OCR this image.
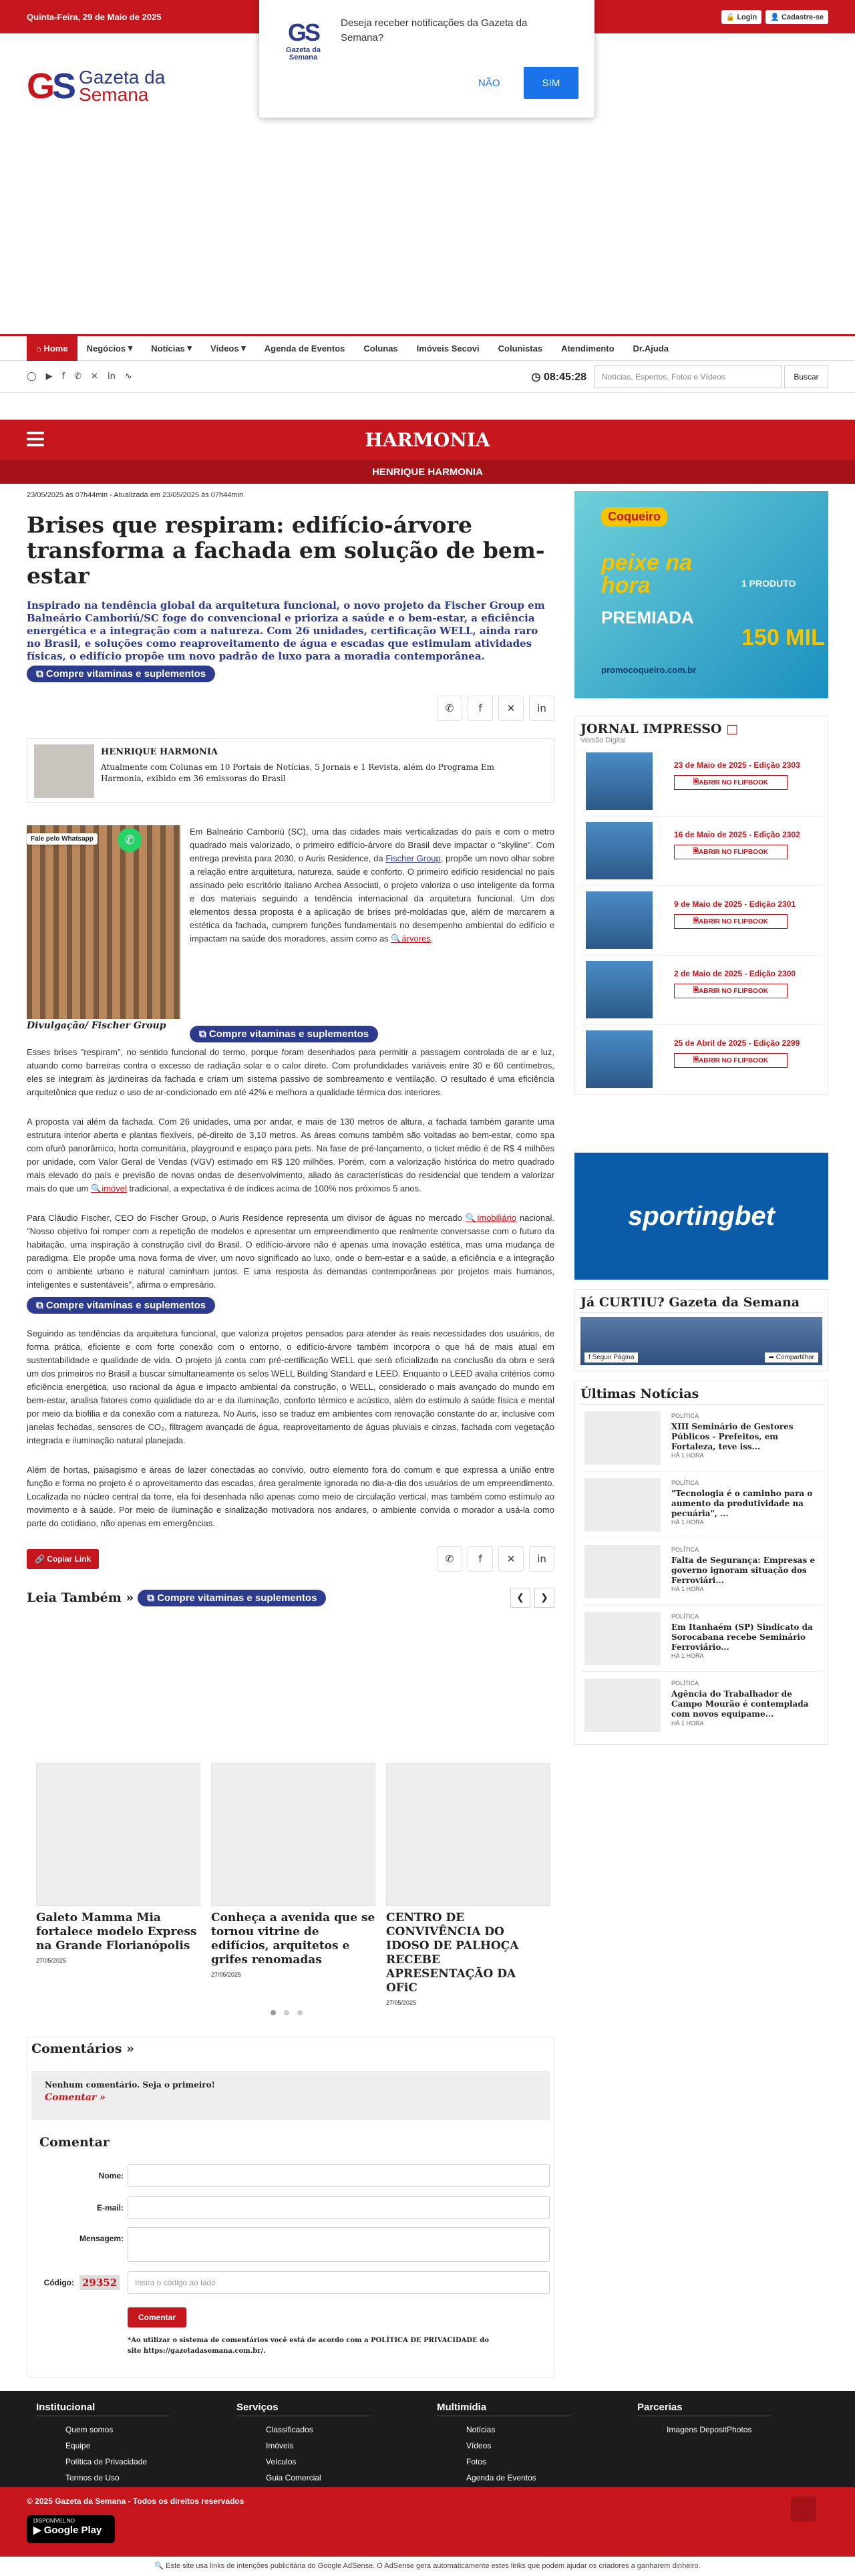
Quinta-Feira, 29 de Maio de 2025	🔒 Login	👤 Cadastre-se
GS Gazeta da
Semana
GS
Gazeta da Semana
Deseja receber notificações da Gazeta da Semana?
NÃO	SIM
⌂ Home Negócios ▾	Notícias ▾	Vídeos ▾	Agenda de Eventos	Colunas	Imóveis Secovi	Colunistas	Atendimento	Dr.Ajuda
◯ ▶ f ✆ ✕ in ∿	◷ 08:45:28	Notícias, Espertos, Fotos e Vídeos	Buscar
HARMONIA
HENRIQUE HARMONIA
23/05/2025 às 07h44min - Atualizada em 23/05/2025 às 07h44min
Brises que respiram: edifício-árvore transforma a fachada em solução de bem-estar
Inspirado na tendência global da arquitetura funcional, o novo projeto da Fischer Group em Balneário Camboriú/SC foge do convencional e prioriza a saúde e o bem-estar, a eficiência energética e a integração com a natureza. Com 26 unidades, certificação WELL, ainda raro no Brasil, e soluções como reaproveitamento de água e escadas que estimulam atividades físicas, o edifício propõe um novo padrão de luxo para a moradia contemporânea.
⧉ Compre vitaminas e suplementos
✆	f	✕	in
HENRIQUE HARMONIA
Atualmente com Colunas em 10 Portais de Notícias, 5 Jornais e 1 Revista, além do Programa Em Harmonia, exibido em 36 emissoras do Brasil
Fale pelo Whatsapp	✆
Divulgação/ Fischer Group

Em Balneário Camboriú (SC), uma das cidades mais verticalizadas do país e com o metro quadrado mais valorizado, o primeiro edifício-árvore do Brasil deve impactar o "skyline". Com entrega prevista para 2030, o Auris Residence, da Fischer Group, propõe um novo olhar sobre a relação entre arquitetura, natureza, saúde e conforto. O primeiro edifício residencial no país assinado pelo escritório italiano Archea Associati, o projeto valoriza o uso inteligente da forma e dos materiais seguindo a tendência internacional da arquitetura funcional. Um dos elementos dessa proposta é a aplicação de brises pré-moldadas que, além de marcarem a estética da fachada, cumprem funções fundamentais no desempenho ambiental do edifício e impactam na saúde dos moradores, assim como as 🔍árvores.

⧉ Compre vitaminas e suplementos

Esses brises "respiram", no sentido funcional do termo, porque foram desenhados para permitir a passagem controlada de ar e luz, atuando como barreiras contra o excesso de radiação solar e o calor direto. Com profundidades variáveis entre 30 e 60 centímetros, eles se integram às jardineiras da fachada e criam um sistema passivo de sombreamento e ventilação. O resultado é uma eficiência arquitetônica que reduz o uso de ar-condicionado em até 42% e melhora a qualidade térmica dos interiores.

A proposta vai além da fachada. Com 26 unidades, uma por andar, e mais de 130 metros de altura, a fachada também garante uma estrutura interior aberta e plantas flexíveis, pé-direito de 3,10 metros. As áreas comuns também são voltadas ao bem-estar, como spa com ofurô panorâmico, horta comunitária, playground e espaço para pets. Na fase de pré-lançamento, o ticket médio é de R$ 4 milhões por unidade, com Valor Geral de Vendas (VGV) estimado em R$ 120 milhões. Porém, com a valorização histórica do metro quadrado mais elevado do país e previsão de novas ondas de desenvolvimento, aliado às características do residencial que tendem a valorizar mais do que um 🔍imóvel tradicional, a expectativa é de índices acima de 100% nos próximos 5 anos.

Para Cláudio Fischer, CEO do Fischer Group, o Auris Residence representa um divisor de águas no mercado 🔍imobiliário nacional. "Nosso objetivo foi romper com a repetição de modelos e apresentar um empreendimento que realmente conversasse com o futuro da habitação, uma inspiração à construção civil do Brasil. O edifício-árvore não é apenas uma inovação estética, mas uma mudança de paradigma. Ele propõe uma nova forma de viver, um novo significado ao luxo, onde o bem-estar e a saúde, a eficiência e a integração com o ambiente urbano e natural caminham juntos. E uma resposta às demandas contemporâneas por projetos mais humanos, inteligentes e sustentáveis", afirma o empresário.

⧉ Compre vitaminas e suplementos

Seguindo as tendências da arquitetura funcional, que valoriza projetos pensados para atender às reais necessidades dos usuários, de forma prática, eficiente e com forte conexão com o entorno, o edifício-árvore também incorpora o que há de mais atual em sustentabilidade e qualidade de vida. O projeto já conta com pré-certificação WELL que será oficializada na conclusão da obra e será um dos primeiros no Brasil a buscar simultaneamente os selos WELL Building Standard e LEED. Enquanto o LEED avalia critérios como eficiência energética, uso racional da água e impacto ambiental da construção, o WELL, considerado o mais avançado do mundo em bem-estar, analisa fatores como qualidade do ar e da iluminação, conforto térmico e acústico, além do estímulo à saúde física e mental por meio da biofilia e da conexão com a natureza. No Auris, isso se traduz em ambientes com renovação constante do ar, inclusive com janelas fechadas, sensores de CO₂, filtragem avançada de água, reaproveitamento de águas pluviais e cinzas, fachada com vegetação integrada e iluminação natural planejada.

Além de hortas, paisagismo e áreas de lazer conectadas ao convívio, outro elemento fora do comum e que expressa a união entre função e forma no projeto é o aproveitamento das escadas, área geralmente ignorada no dia-a-dia dos usuários de um empreendimento. Localizada no núcleo central da torre, ela foi desenhada não apenas como meio de circulação vertical, mas também como estímulo ao movimento e à saúde. Por meio de iluminação e sinalização motivadora nos andares, o ambiente convida o morador a usá-la como parte do cotidiano, não apenas em emergências.

🔗 Copiar Link	✆	f	✕	in
Leia Também »	⧉ Compre vitaminas e suplementos	❮	❯
Galeto Mamma Mia fortalece modelo Express na Grande Florianópolis
27/05/2025
Conheça a avenida que se tornou vitrine de edifícios, arquitetos e grifes renomadas
27/05/2025
CENTRO DE CONVIVÊNCIA DO IDOSO DE PALHOÇA RECEBE APRESENTAÇÃO DA OFiC
27/05/2025
Comentários »
Nenhum comentário. Seja o primeiro!
Comentar »
Comentar
Nome:
E-mail:
Mensagem:
Código: 29352	Insira o código ao lado
Comentar
*Ao utilizar o sistema de comentários você está de acordo com a POLÍTICA DE PRIVACIDADE do site https://gazetadasemana.com.br/.
Coqueiro
peixe na hora
PREMIADA
promocoqueiro.com.br
1 PRODUTO
150 MIL
JORNAL IMPRESSO □
Versão Digital
23 de Maio de 2025 - Edição 2303
🗎 ABRIR NO FLIPBOOK
16 de Maio de 2025 - Edição 2302
🗎 ABRIR NO FLIPBOOK
9 de Maio de 2025 - Edição 2301
🗎 ABRIR NO FLIPBOOK
2 de Maio de 2025 - Edição 2300
🗎 ABRIR NO FLIPBOOK
25 de Abril de 2025 - Edição 2299
🗎 ABRIR NO FLIPBOOK
sportingbet
Já CURTIU? Gazeta da Semana
f Seguir Página	➦ Compartilhar
Últimas Notícias
POLÍTICA
XIII Seminário de Gestores Públicos - Prefeitos, em Fortaleza, teve iss...
HÁ 1 HORA
POLÍTICA
"Tecnologia é o caminho para o aumento da produtividade na pecuária", ...
HÁ 1 HORA
POLÍTICA
Falta de Segurança: Empresas e governo ignoram situação dos Ferroviári...
HÁ 1 HORA
POLÍTICA
Em Itanhaém (SP) Sindicato da Sorocabana recebe Seminário Ferroviário...
HÁ 1 HORA
POLÍTICA
Agência do Trabalhador de Campo Mourão é contemplada com novos equipame...
HÁ 1 HORA
Institucional
Quem somos
Equipe
Política de Privacidade
Termos de Uso
Serviços
Classificados
Imóveis
Veículos
Guia Comercial
Multimídia
Notícias
Vídeos
Fotos
Agenda de Eventos
Parcerias
Imagens DepositPhotos
© 2025 Gazeta da Semana - Todos os direitos reservados
DISPONÍVEL NO
▶ Google Play
🔍 Este site usa links de intenções publicitária do Google AdSense. O AdSense gera automaticamente estes links que podem ajudar os criadores a ganharem dinheiro.
